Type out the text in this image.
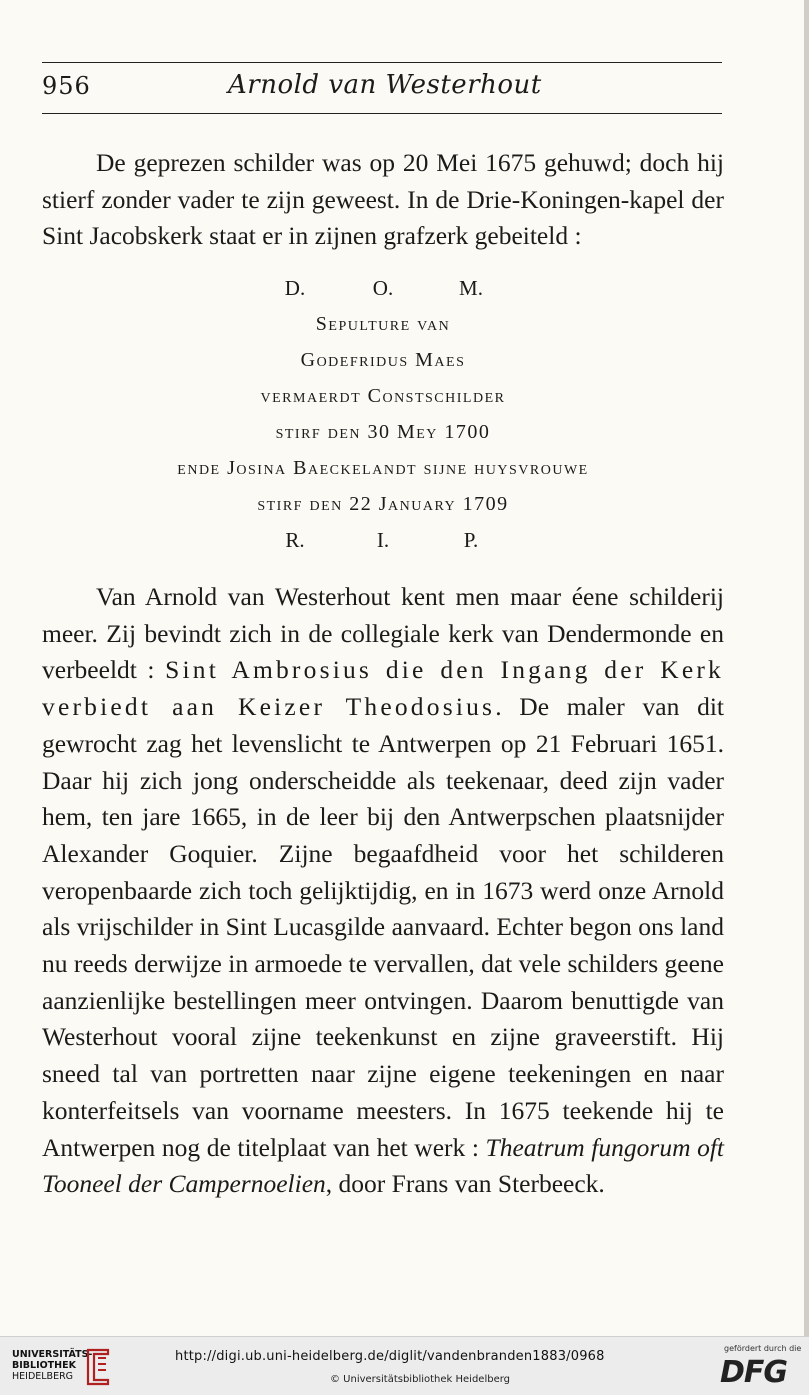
956	Arnold van Westerhout

De geprezen schilder was op 20 Mei 1675 gehuwd; doch hij stierf zonder vader te zijn geweest. In de Drie-Koningen-kapel der Sint Jacobskerk staat er in zijnen grafzerk gebeiteld :

D.	O.	M.
Sepulture van
Godefridus Maes
vermaerdt Constschilder
stirf den 30 Mey 1700
ende Josina Baeckelandt sijne huysvrouwe
stirf den 22 January 1709
R.	I.	P.

Van Arnold van Westerhout kent men maar éene schilderij meer. Zij bevindt zich in de collegiale kerk van Dendermonde en verbeeldt : Sint Ambrosius die den Ingang der Kerk verbiedt aan Keizer Theodosius. De maler van dit gewrocht zag het levenslicht te Antwerpen op 21 Februari 1651. Daar hij zich jong onderscheidde als teekenaar, deed zijn vader hem, ten jare 1665, in de leer bij den Antwerpschen plaatsnijder Alexander Goquier. Zijne begaafdheid voor het schilderen veropenbaarde zich toch gelijktijdig, en in 1673 werd onze Arnold als vrijschilder in Sint Lucasgilde aanvaard. Echter begon ons land nu reeds derwijze in armoede te vervallen, dat vele schilders geene aanzienlijke bestellingen meer ontvingen. Daarom benuttigde van Westerhout vooral zijne teekenkunst en zijne graveerstift. Hij sneed tal van portretten naar zijne eigene teekeningen en naar konterfeitsels van voorname meesters. In 1675 teekende hij te Antwerpen nog de titelplaat van het werk : Theatrum fungorum oft Tooneel der Campernoelien, door Frans van Sterbeeck.

UNIVERSITÄTS-
BIBLIOTHEK
HEIDELBERG
http://digi.ub.uni-heidelberg.de/diglit/vandenbranden1883/0968
© Universitätsbibliothek Heidelberg
gefördert durch die
DFG
